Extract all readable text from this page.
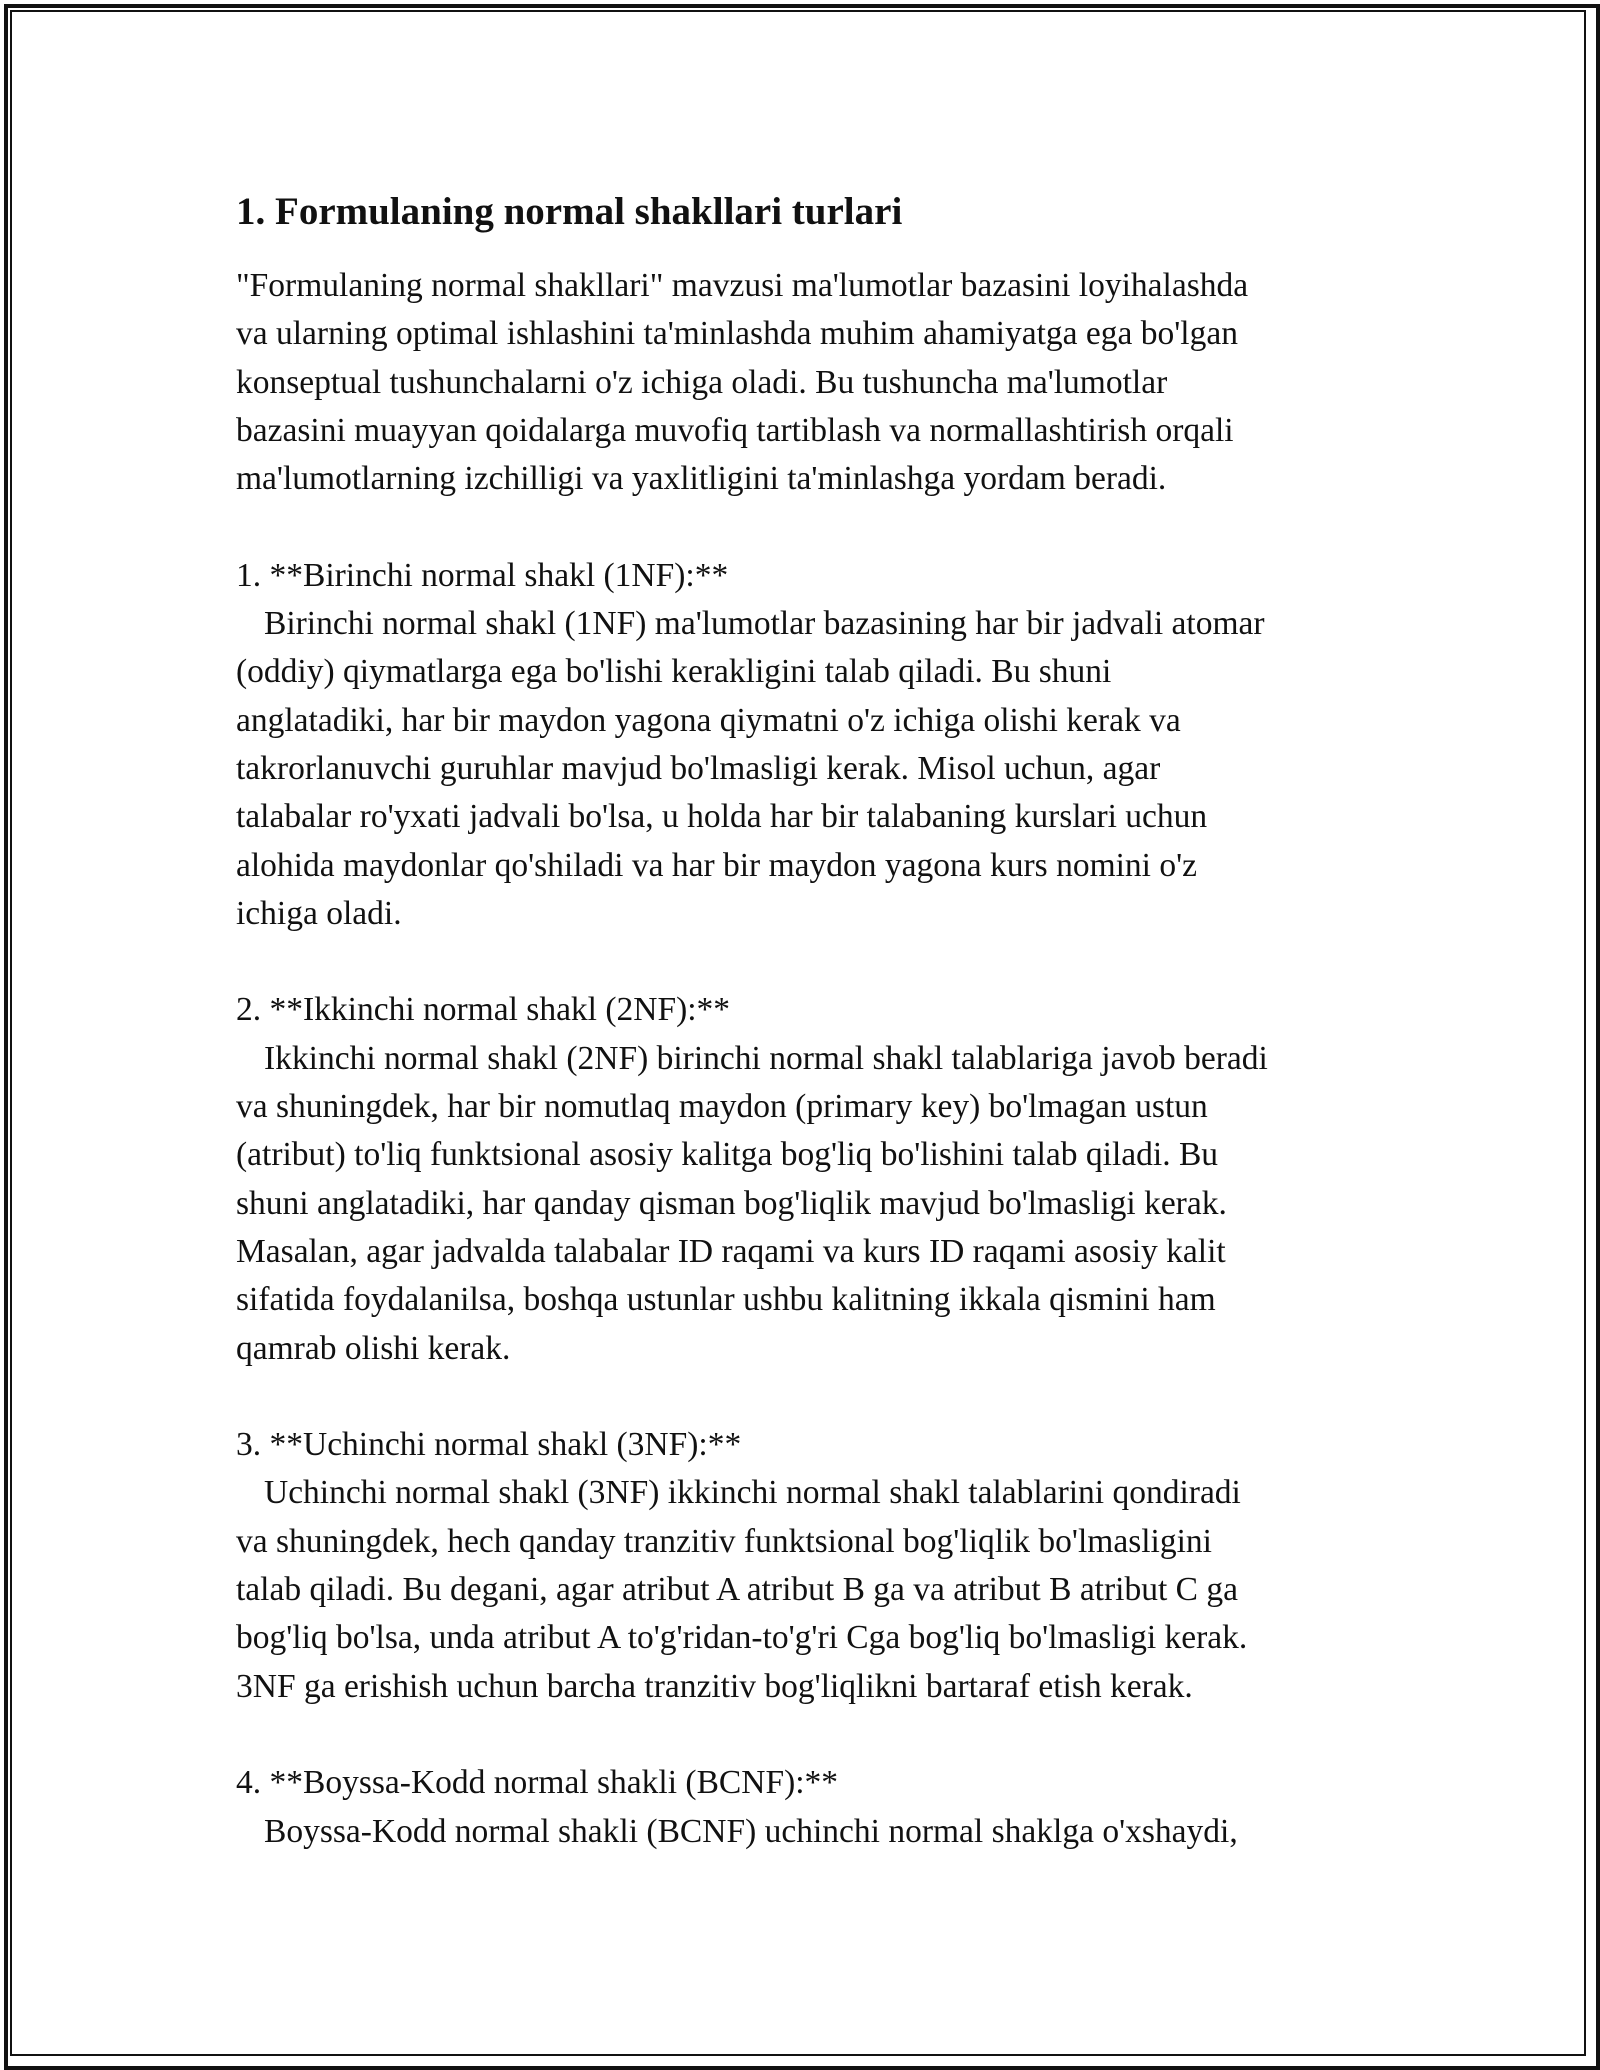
1. Formulaning normal shakllari turlari
"Formulaning normal shakllari" mavzusi ma'lumotlar bazasini loyihalashda
va ularning optimal ishlashini ta'minlashda muhim ahamiyatga ega bo'lgan
konseptual tushunchalarni o'z ichiga oladi. Bu tushuncha ma'lumotlar
bazasini muayyan qoidalarga muvofiq tartiblash va normallashtirish orqali
ma'lumotlarning izchilligi va yaxlitligini ta'minlashga yordam beradi.
1. **Birinchi normal shakl (1NF):**
Birinchi normal shakl (1NF) ma'lumotlar bazasining har bir jadvali atomar
(oddiy) qiymatlarga ega bo'lishi kerakligini talab qiladi. Bu shuni
anglatadiki, har bir maydon yagona qiymatni o'z ichiga olishi kerak va
takrorlanuvchi guruhlar mavjud bo'lmasligi kerak. Misol uchun, agar
talabalar ro'yxati jadvali bo'lsa, u holda har bir talabaning kurslari uchun
alohida maydonlar qo'shiladi va har bir maydon yagona kurs nomini o'z
ichiga oladi.
2. **Ikkinchi normal shakl (2NF):**
Ikkinchi normal shakl (2NF) birinchi normal shakl talablariga javob beradi
va shuningdek, har bir nomutlaq maydon (primary key) bo'lmagan ustun
(atribut) to'liq funktsional asosiy kalitga bog'liq bo'lishini talab qiladi. Bu
shuni anglatadiki, har qanday qisman bog'liqlik mavjud bo'lmasligi kerak.
Masalan, agar jadvalda talabalar ID raqami va kurs ID raqami asosiy kalit
sifatida foydalanilsa, boshqa ustunlar ushbu kalitning ikkala qismini ham
qamrab olishi kerak.
3. **Uchinchi normal shakl (3NF):**
Uchinchi normal shakl (3NF) ikkinchi normal shakl talablarini qondiradi
va shuningdek, hech qanday tranzitiv funktsional bog'liqlik bo'lmasligini
talab qiladi. Bu degani, agar atribut A atribut B ga va atribut B atribut C ga
bog'liq bo'lsa, unda atribut A to'g'ridan-to'g'ri Cga bog'liq bo'lmasligi kerak.
3NF ga erishish uchun barcha tranzitiv bog'liqlikni bartaraf etish kerak.
4. **Boyssa-Kodd normal shakli (BCNF):**
Boyssa-Kodd normal shakli (BCNF) uchinchi normal shaklga o'xshaydi,
